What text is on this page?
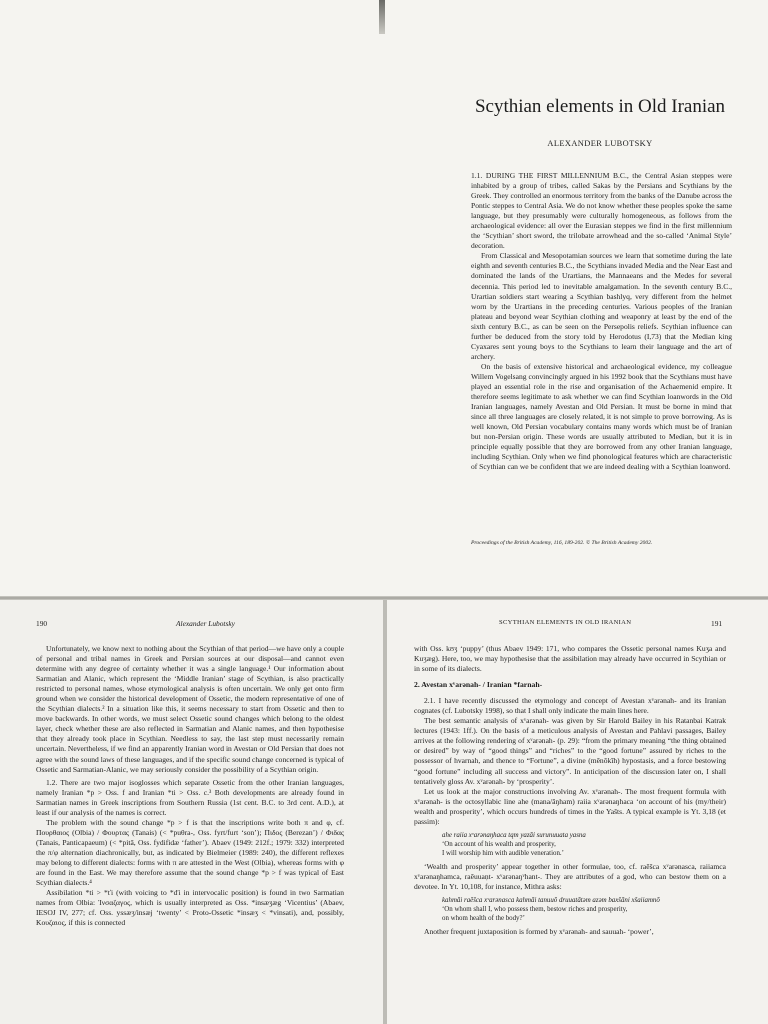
Scythian elements in Old Iranian
ALEXANDER LUBOTSKY

1.1. DURING THE FIRST MILLENNIUM B.C., the Central Asian steppes were inhabited by a group of tribes, called Sakas by the Persians and Scythians by the Greek. They controlled an enormous territory from the banks of the Danube across the Pontic steppes to Central Asia. We do not know whether these peoples spoke the same language, but they presumably were culturally homogeneous, as follows from the archaeological evidence: all over the Eurasian steppes we find in the first millennium the ‘Scythian’ short sword, the trilobate arrowhead and the so-called ‘Animal Style’ decoration.

From Classical and Mesopotamian sources we learn that sometime during the late eighth and seventh centuries B.C., the Scythians invaded Media and the Near East and dominated the lands of the Urartians, the Mannaeans and the Medes for several decennia. This period led to inevitable amalgamation. In the seventh century B.C., Urartian soldiers start wearing a Scythian bashlyq, very different from the helmet worn by the Urartians in the preceding centuries. Various peoples of the Iranian plateau and beyond wear Scythian clothing and weaponry at least by the end of the sixth century B.C., as can be seen on the Persepolis reliefs. Scythian influence can further be deduced from the story told by Herodotus (I,73) that the Median king Cyaxares sent young boys to the Scythians to learn their language and the art of archery.

On the basis of extensive historical and archaeological evidence, my colleague Willem Vogelsang convincingly argued in his 1992 book that the Scythians must have played an essential role in the rise and organisation of the Achaemenid empire. It therefore seems legitimate to ask whether we can find Scythian loanwords in the Old Iranian languages, namely Avestan and Old Persian. It must be borne in mind that since all three languages are closely related, it is not simple to prove borrowing. As is well known, Old Persian vocabulary contains many words which must be of Iranian but non-Persian origin. These words are usually attributed to Median, but it is in principle equally possible that they are borrowed from any other Iranian language, including Scythian. Only when we find phonological features which are characteristic of Scythian can we be confident that we are indeed dealing with a Scythian loanword.

Proceedings of the British Academy, 116, 189-202. © The British Academy 2002.
190	Alexander Lubotsky

Unfortunately, we know next to nothing about the Scythian of that period—we have only a couple of personal and tribal names in Greek and Persian sources at our disposal—and cannot even determine with any degree of certainty whether it was a single language.¹ Our information about Sarmatian and Alanic, which represent the ‘Middle Iranian’ stage of Scythian, is also practically restricted to personal names, whose etymological analysis is often uncertain. We only get onto firm ground when we consider the historical development of Ossetic, the modern representative of one of the Scythian dialects.² In a situation like this, it seems necessary to start from Ossetic and then to move backwards. In other words, we must select Ossetic sound changes which belong to the oldest layer, check whether these are also reflected in Sarmatian and Alanic names, and then hypothesise that they already took place in Scythian. Needless to say, the last step must necessarily remain uncertain. Nevertheless, if we find an apparently Iranian word in Avestan or Old Persian that does not agree with the sound laws of these languages, and if the specific sound change concerned is typical of Ossetic and Sarmatian-Alanic, we may seriously consider the possibility of a Scythian origin.

1.2. There are two major isoglosses which separate Ossetic from the other Iranian languages, namely Iranian *p > Oss. f and Iranian *ti > Oss. c.³ Both developments are already found in Sarmatian names in Greek inscriptions from Southern Russia (1st cent. B.C. to 3rd cent. A.D.), at least if our analysis of the names is correct.

The problem with the sound change *p > f is that the inscriptions write both π and φ, cf. Πουρθαιος (Olbia) / Φουρτας (Tanais) (< *puθra-, Oss. fyrt/furt ‘son’); Πιδος (Berezan’) / Φιδας (Tanais, Panticapaeum) (< *pitā, Oss. fydifidæ ‘father’). Abaev (1949: 212f.; 1979: 332) interpreted the π/φ alternation diachronically, but, as indicated by Bielmeier (1989: 240), the different reflexes may belong to different dialects: forms with π are attested in the West (Olbia), whereas forms with φ are found in the East. We may therefore assume that the sound change *p > f was typical of East Scythian dialects.⁴

Assibilation *ti > *ťi (with voicing to *ďi in intervocalic position) is found in two Sarmatian names from Olbia: Ἰνσαζαγος, which is usually interpreted as Oss. *insæʒæg ‘Vicentius’ (Abaev, IESOJ IV, 277; cf. Oss. yssæʒ/insæj ‘twenty’ < Proto-Ossetic *insæʒ < *vinsati), and, possibly, Κουζαιος, if this is connected

SCYTHIAN ELEMENTS IN OLD IRANIAN	191

with Oss. kʊʒ ‘puppy’ (thus Abaev 1949: 171, who compares the Ossetic personal names Kuʒa and Kuʒæg). Here, too, we may hypothesise that the assibilation may already have occurred in Scythian or in some of its dialects.

2. Avestan xᵛarənah- / Iranian *farnah-

2.1. I have recently discussed the etymology and concept of Avestan xᵛarənah- and its Iranian cognates (cf. Lubotsky 1998), so that I shall only indicate the main lines here.

The best semantic analysis of xᵛarənah- was given by Sir Harold Bailey in his Ratanbai Katrak lectures (1943: 1ff.). On the basis of a meticulous analysis of Avestan and Pahlavi passages, Bailey arrives at the following rendering of xᵛarənah- (p. 29): “from the primary meaning “the thing obtained or desired” by way of “good things” and “riches” to the “good fortune” assured by riches to the possessor of hvarnah, and thence to “Fortune”, a divine (mēnōkīh) hypostasis, and a force bestowing “good fortune” including all success and victory”. In anticipation of the discussion later on, I shall tentatively gloss Av. xᵛarənah- by ‘prosperity’.

Let us look at the major constructions involving Av. xᵛarənah-. The most frequent formula with xᵛarənah- is the octosyllabic line ahe (mana/āŋham) raiia xᵛarənaŋhaca ‘on account of his (my/their) wealth and prosperity’, which occurs hundreds of times in the Yašts. A typical example is Yt. 3,18 (et passim):

ahe raiia xᵛarənaŋhaca tąm yazāi surunuuata yasna
‘On account of his wealth and prosperity,
I will worship him with audible veneration.’

‘Wealth and prosperity’ appear together in other formulae, too, cf. raēšca xᵛarənasca, raiiamca xᵛarənaŋhamca, raēuuaṇt- xᵛarənaŋᵛhant-. They are attributes of a god, who can bestow them on a devotee. In Yt. 10,108, for instance, Mithra asks:

kahmāi raēšca xᵛarənasca kahmāi tanuuō druuatātəm azəm baxšāni xšaiiamnō
‘On whom shall I, who possess them, bestow riches and prosperity,
on whom health of the body?’

Another frequent juxtaposition is formed by xᵛarənah- and sauuah- ‘power’,
